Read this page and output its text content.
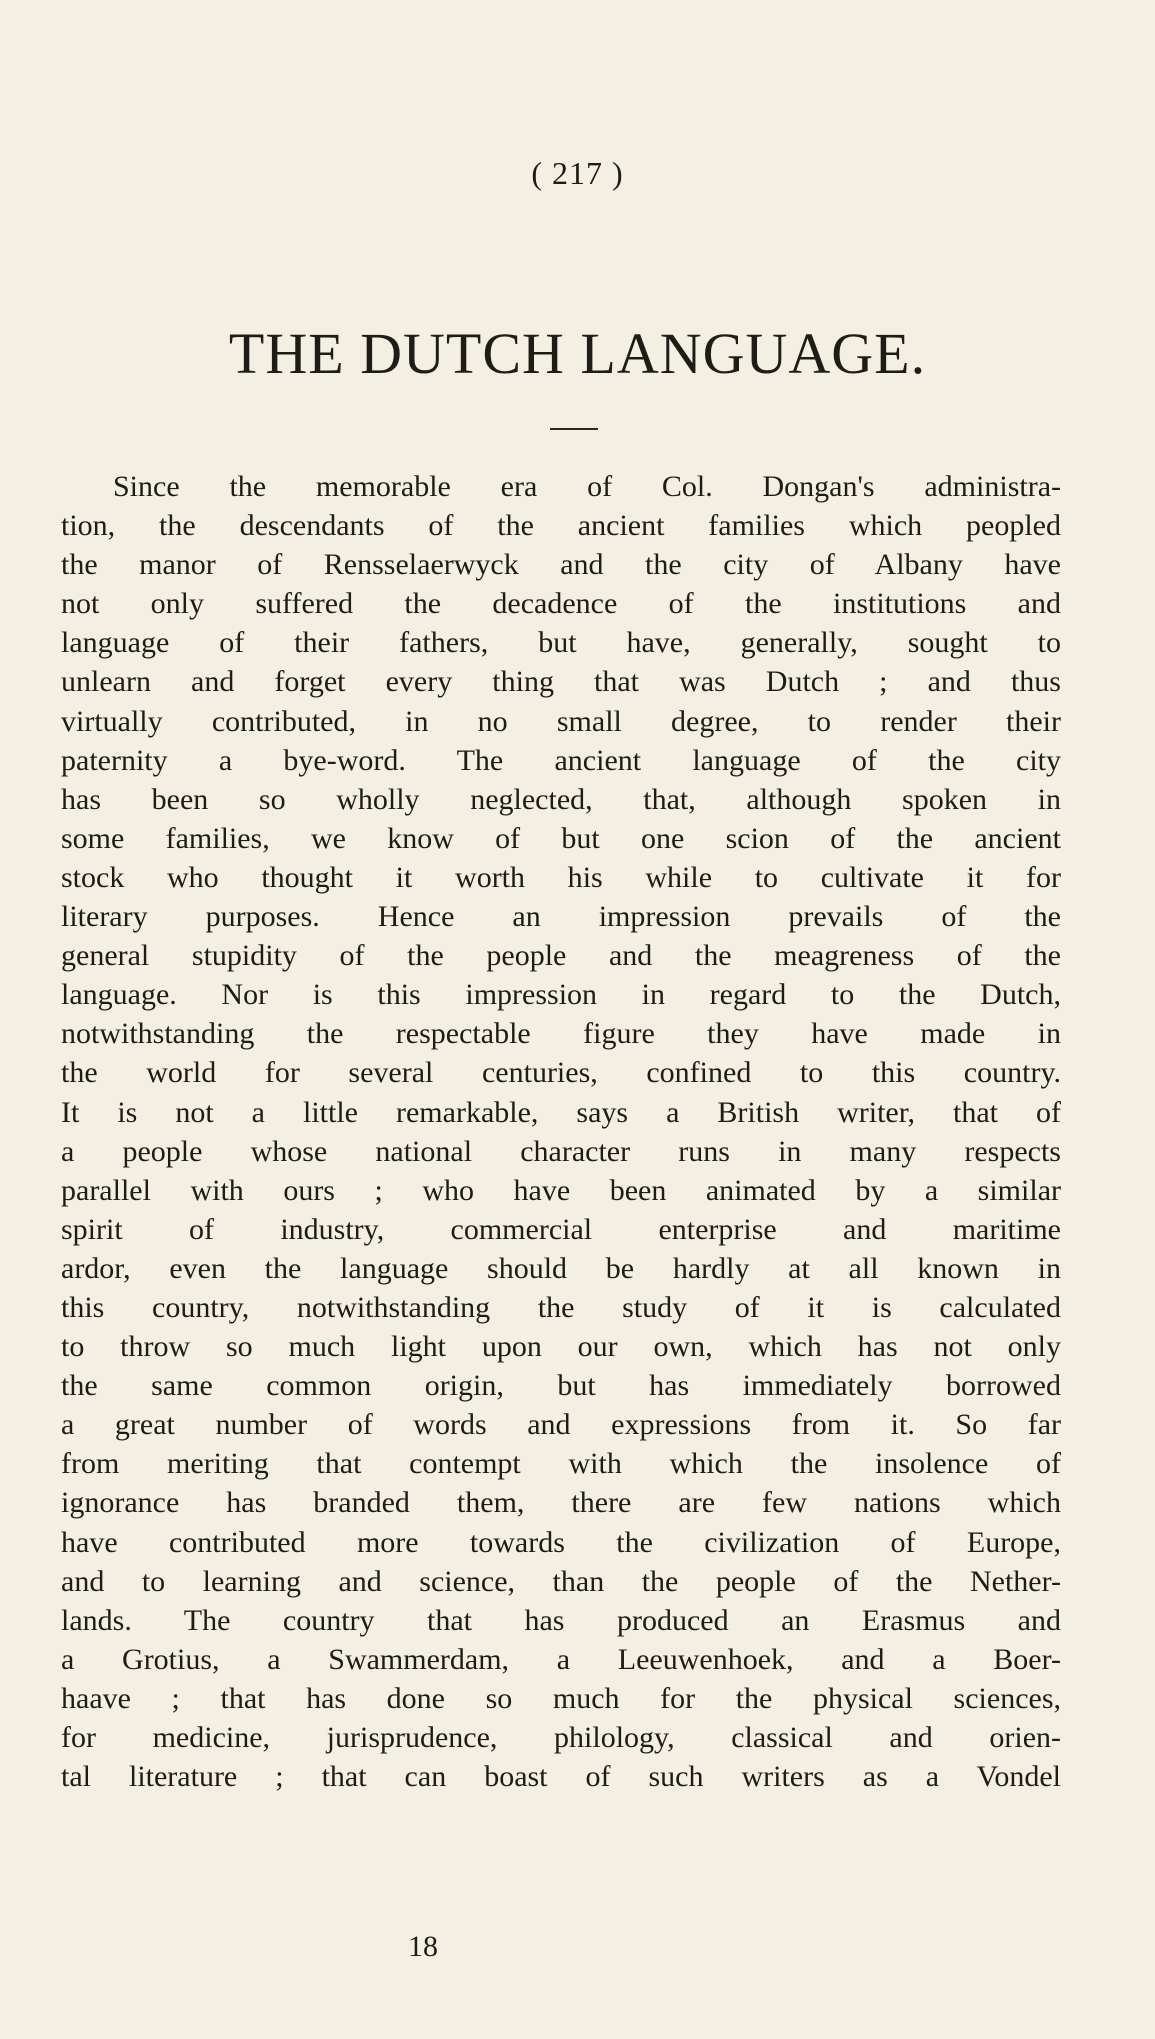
( 217 )
THE DUTCH LANGUAGE.
Since the memorable era of Col. Dongan's administra-
tion, the descendants of the ancient families which peopled
the manor of Rensselaerwyck and the city of Albany have
not only suffered the decadence of the institutions and
language of their fathers, but have, generally, sought to
unlearn and forget every thing that was Dutch ; and thus
virtually contributed, in no small degree, to render their
paternity a bye-word. The ancient language of the city
has been so wholly neglected, that, although spoken in
some families, we know of but one scion of the ancient
stock who thought it worth his while to cultivate it for
literary purposes. Hence an impression prevails of the
general stupidity of the people and the meagreness of the
language. Nor is this impression in regard to the Dutch,
notwithstanding the respectable figure they have made in
the world for several centuries, confined to this country.
It is not a little remarkable, says a British writer, that of
a people whose national character runs in many respects
parallel with ours ; who have been animated by a similar
spirit of industry, commercial enterprise and maritime
ardor, even the language should be hardly at all known in
this country, notwithstanding the study of it is calculated
to throw so much light upon our own, which has not only
the same common origin, but has immediately borrowed
a great number of words and expressions from it. So far
from meriting that contempt with which the insolence of
ignorance has branded them, there are few nations which
have contributed more towards the civilization of Europe,
and to learning and science, than the people of the Nether-
lands. The country that has produced an Erasmus and
a Grotius, a Swammerdam, a Leeuwenhoek, and a Boer-
haave ; that has done so much for the physical sciences,
for medicine, jurisprudence, philology, classical and orien-
tal literature ; that can boast of such writers as a Vondel
18
